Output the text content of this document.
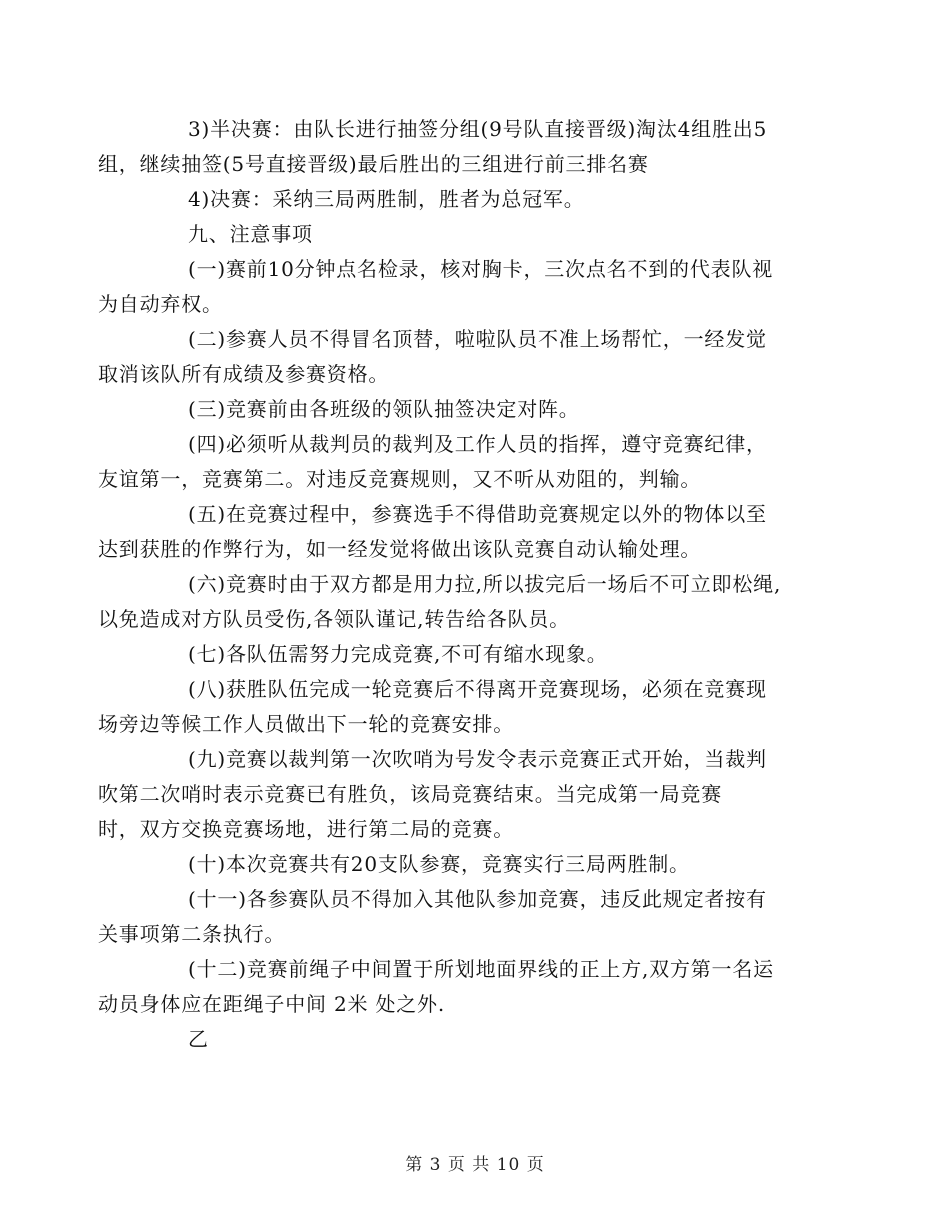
3)半决赛：由队长进行抽签分组(9号队直接晋级)淘汰4组胜出5
组，继续抽签(5号直接晋级)最后胜出的三组进行前三排名赛

4)决赛：采纳三局两胜制，胜者为总冠军。

九、注意事项

(一)赛前10分钟点名检录，核对胸卡，三次点名不到的代表队视
为自动弃权。

(二)参赛人员不得冒名顶替，啦啦队员不准上场帮忙，一经发觉
取消该队所有成绩及参赛资格。

(三)竞赛前由各班级的领队抽签决定对阵。

(四)必须听从裁判员的裁判及工作人员的指挥，遵守竞赛纪律，
友谊第一，竞赛第二。对违反竞赛规则，又不听从劝阻的，判输。

(五)在竞赛过程中，参赛选手不得借助竞赛规定以外的物体以至
达到获胜的作弊行为，如一经发觉将做出该队竞赛自动认输处理。

(六)竞赛时由于双方都是用力拉,所以拔完后一场后不可立即松绳,
以免造成对方队员受伤,各领队谨记,转告给各队员。

(七)各队伍需努力完成竞赛,不可有缩水现象。

(八)获胜队伍完成一轮竞赛后不得离开竞赛现场，必须在竞赛现
场旁边等候工作人员做出下一轮的竞赛安排。

(九)竞赛以裁判第一次吹哨为号发令表示竞赛正式开始，当裁判
吹第二次哨时表示竞赛已有胜负，该局竞赛结束。当完成第一局竞赛
时，双方交换竞赛场地，进行第二局的竞赛。

(十)本次竞赛共有20支队参赛，竞赛实行三局两胜制。

(十一)各参赛队员不得加入其他队参加竞赛，违反此规定者按有
关事项第二条执行。

(十二)竞赛前绳子中间置于所划地面界线的正上方,双方第一名运
动员身体应在距绳子中间 2米 处之外.

乙

第 3 页 共 10 页
